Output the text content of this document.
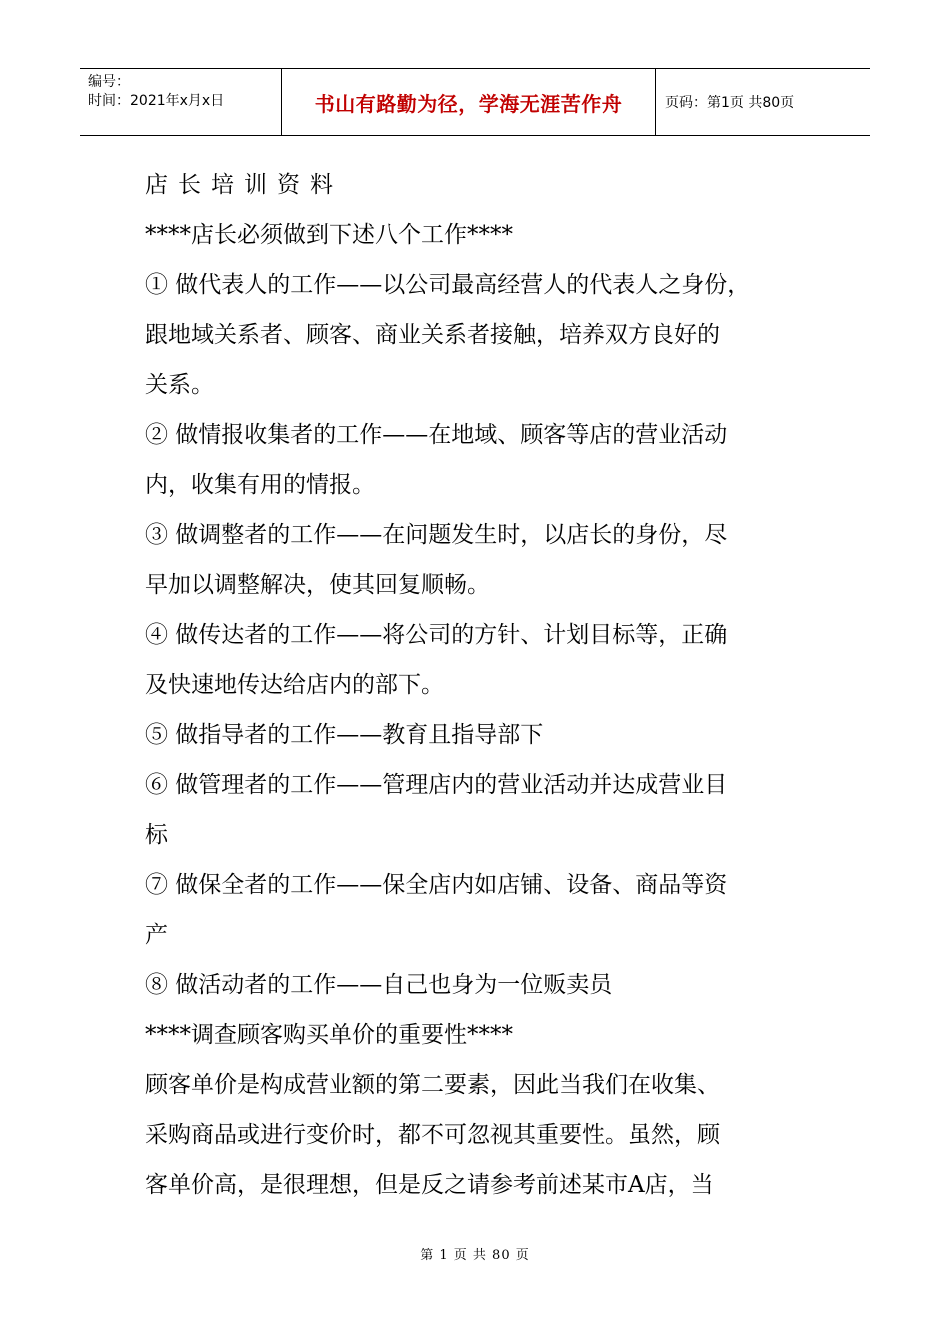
编号：
时间：2021年x月x日	书山有路勤为径，学海无涯苦作舟	页码：第1页 共80页

店长培训资料

****店长必须做到下述八个工作****

① 做代表人的工作——以公司最高经营人的代表人之身份，

跟地域关系者、顾客、商业关系者接触，培养双方良好的

关系。

② 做情报收集者的工作——在地域、顾客等店的营业活动

内，收集有用的情报。

③ 做调整者的工作——在问题发生时，以店长的身份，尽

早加以调整解决，使其回复顺畅。

④ 做传达者的工作——将公司的方针、计划目标等，正确

及快速地传达给店内的部下。

⑤ 做指导者的工作——教育且指导部下

⑥ 做管理者的工作——管理店内的营业活动并达成营业目

标

⑦ 做保全者的工作——保全店内如店铺、设备、商品等资

产

⑧ 做活动者的工作——自己也身为一位贩卖员

****调查顾客购买单价的重要性****

顾客单价是构成营业额的第二要素，因此当我们在收集、

采购商品或进行变价时，都不可忽视其重要性。虽然，顾

客单价高，是很理想，但是反之请参考前述某市A店，当

第 1 页 共 80 页
